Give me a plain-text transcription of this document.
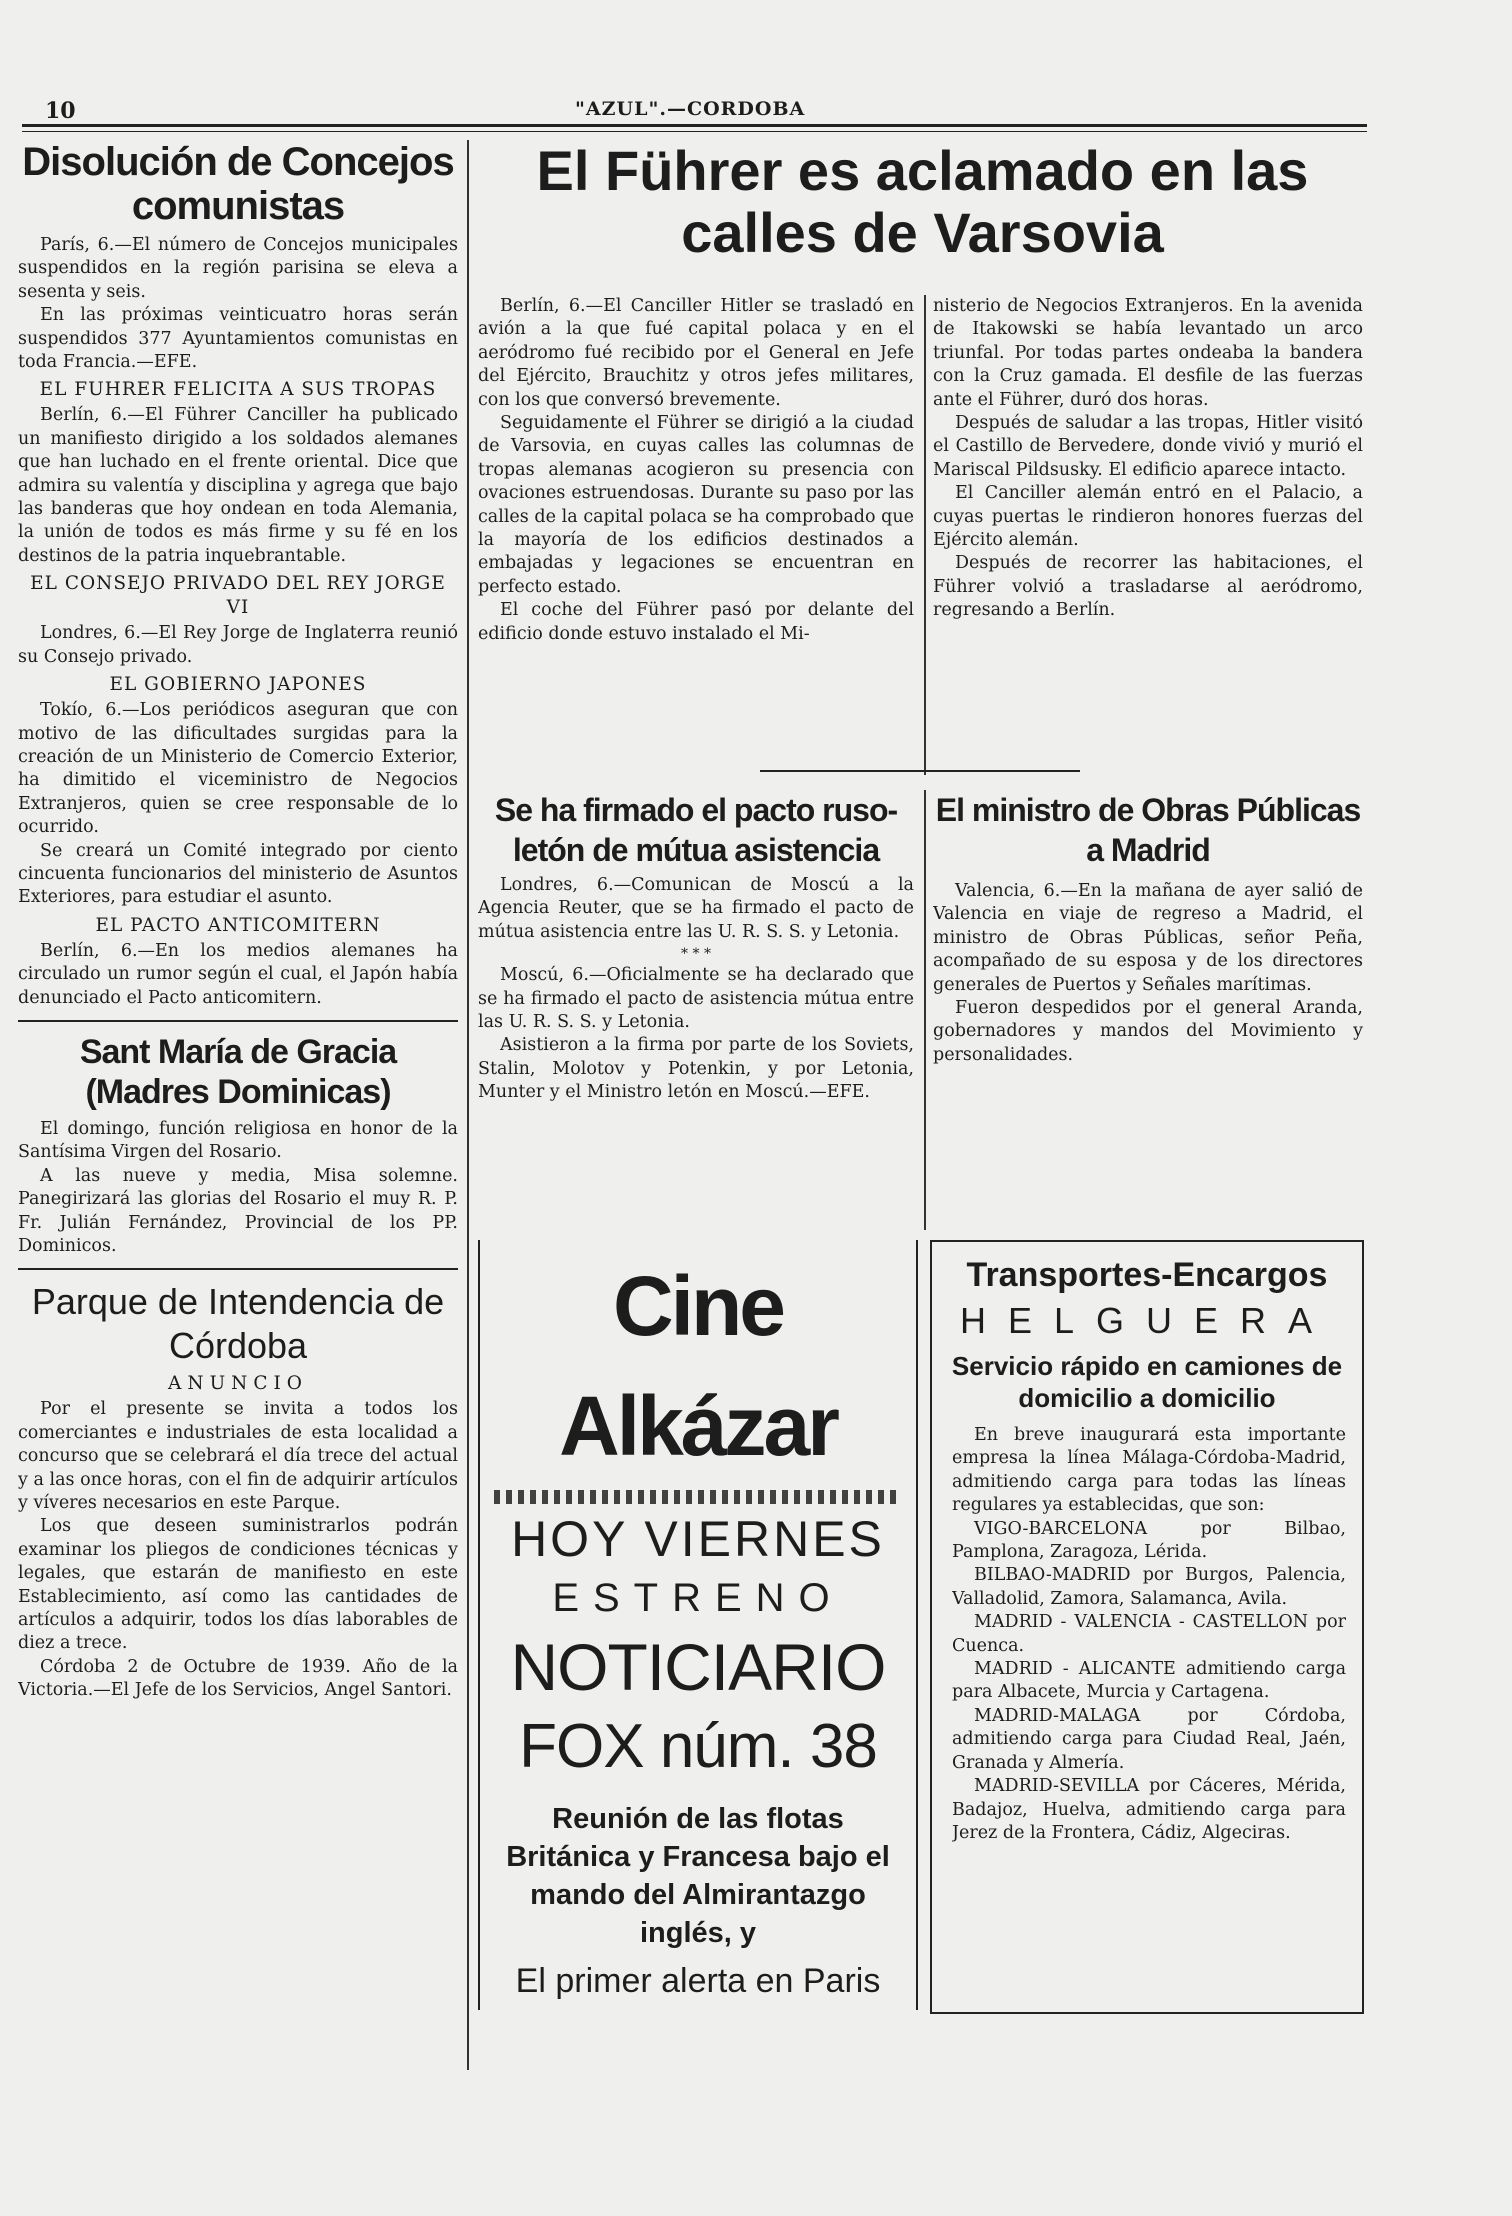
10	"AZUL".—CORDOBA
Disolución de Concejos comunistas

París, 6.—El número de Concejos municipales suspendidos en la región parisina se eleva a sesenta y seis.

En las próximas veinticuatro horas serán suspendidos 377 Ayuntamientos comunistas en toda Francia.—EFE.

EL FUHRER FELICITA A SUS TROPAS

Berlín, 6.—El Führer Canciller ha publicado un manifiesto dirigido a los soldados alemanes que han luchado en el frente oriental. Dice que admira su valentía y disciplina y agrega que bajo las banderas que hoy ondean en toda Alemania, la unión de todos es más firme y su fé en los destinos de la patria inquebrantable.

EL CONSEJO PRIVADO DEL REY JORGE VI

Londres, 6.—El Rey Jorge de Inglaterra reunió su Consejo privado.

EL GOBIERNO JAPONES

Tokío, 6.—Los periódicos aseguran que con motivo de las dificultades surgidas para la creación de un Ministerio de Comercio Exterior, ha dimitido el viceministro de Negocios Extranjeros, quien se cree responsable de lo ocurrido.

Se creará un Comité integrado por ciento cincuenta funcionarios del ministerio de Asuntos Exteriores, para estudiar el asunto.

EL PACTO ANTICOMITERN

Berlín, 6.—En los medios alemanes ha circulado un rumor según el cual, el Japón había denunciado el Pacto anticomitern.

Sant María de Gracia (Madres Dominicas)

El domingo, función religiosa en honor de la Santísima Virgen del Rosario.

A las nueve y media, Misa solemne. Panegirizará las glorias del Rosario el muy R. P. Fr. Julián Fernández, Provincial de los PP. Dominicos.

Parque de Intendencia de Córdoba
ANUNCIO

Por el presente se invita a todos los comerciantes e industriales de esta localidad a concurso que se celebrará el día trece del actual y a las once horas, con el fin de adquirir artículos y víveres necesarios en este Parque.

Los que deseen suministrarlos podrán examinar los pliegos de condiciones técnicas y legales, que estarán de manifiesto en este Establecimiento, así como las cantidades de artículos a adquirir, todos los días laborables de diez a trece.

Córdoba 2 de Octubre de 1939. Año de la Victoria.—El Jefe de los Servicios, Angel Santori.

El Führer es aclamado en las calles de Varsovia

Berlín, 6.—El Canciller Hitler se trasladó en avión a la que fué capital polaca y en el aeródromo fué recibido por el General en Jefe del Ejército, Brauchitz y otros jefes militares, con los que conversó brevemente.

Seguidamente el Führer se dirigió a la ciudad de Varsovia, en cuyas calles las columnas de tropas alemanas acogieron su presencia con ovaciones estruendosas. Durante su paso por las calles de la capital polaca se ha comprobado que la mayoría de los edificios destinados a embajadas y legaciones se encuentran en perfecto estado.

El coche del Führer pasó por delante del edificio donde estuvo instalado el Mi-

nisterio de Negocios Extranjeros. En la avenida de Itakowski se había levantado un arco triunfal. Por todas partes ondeaba la bandera con la Cruz gamada. El desfile de las fuerzas ante el Führer, duró dos horas.

Después de saludar a las tropas, Hitler visitó el Castillo de Bervedere, donde vivió y murió el Mariscal Pildsusky. El edificio aparece intacto.

El Canciller alemán entró en el Palacio, a cuyas puertas le rindieron honores fuerzas del Ejército alemán.

Después de recorrer las habitaciones, el Führer volvió a trasladarse al aeródromo, regresando a Berlín.

Se ha firmado el pacto ruso-letón de mútua asistencia

Londres, 6.—Comunican de Moscú a la Agencia Reuter, que se ha firmado el pacto de mútua asistencia entre las U. R. S. S. y Letonia.

* * *

Moscú, 6.—Oficialmente se ha declarado que se ha firmado el pacto de asistencia mútua entre las U. R. S. S. y Letonia.

Asistieron a la firma por parte de los Soviets, Stalin, Molotov y Potenkin, y por Letonia, Munter y el Ministro letón en Moscú.—EFE.

El ministro de Obras Públicas a Madrid

Valencia, 6.—En la mañana de ayer salió de Valencia en viaje de regreso a Madrid, el ministro de Obras Públicas, señor Peña, acompañado de su esposa y de los directores generales de Puertos y Señales marítimas.

Fueron despedidos por el general Aranda, gobernadores y mandos del Movimiento y personalidades.

Cine Alkázar
HOY VIERNES
ESTRENO
NOTICIARIO
FOX núm. 38
Reunión de las flotas Británica y Francesa bajo el mando del Almirantazgo inglés, y
El primer alerta en Paris
Transportes-Encargos
HELGUERA
Servicio rápido en camiones de domicilio a domicilio

En breve inaugurará esta importante empresa la línea Málaga-Córdoba-Madrid, admitiendo carga para todas las líneas regulares ya establecidas, que son:

VIGO-BARCELONA por Bilbao, Pamplona, Zaragoza, Lérida.

BILBAO-MADRID por Burgos, Palencia, Valladolid, Zamora, Salamanca, Avila.

MADRID - VALENCIA - CASTELLON por Cuenca.

MADRID - ALICANTE admitiendo carga para Albacete, Murcia y Cartagena.

MADRID-MALAGA por Córdoba, admitiendo carga para Ciudad Real, Jaén, Granada y Almería.

MADRID-SEVILLA por Cáceres, Mérida, Badajoz, Huelva, admitiendo carga para Jerez de la Frontera, Cádiz, Algeciras.
